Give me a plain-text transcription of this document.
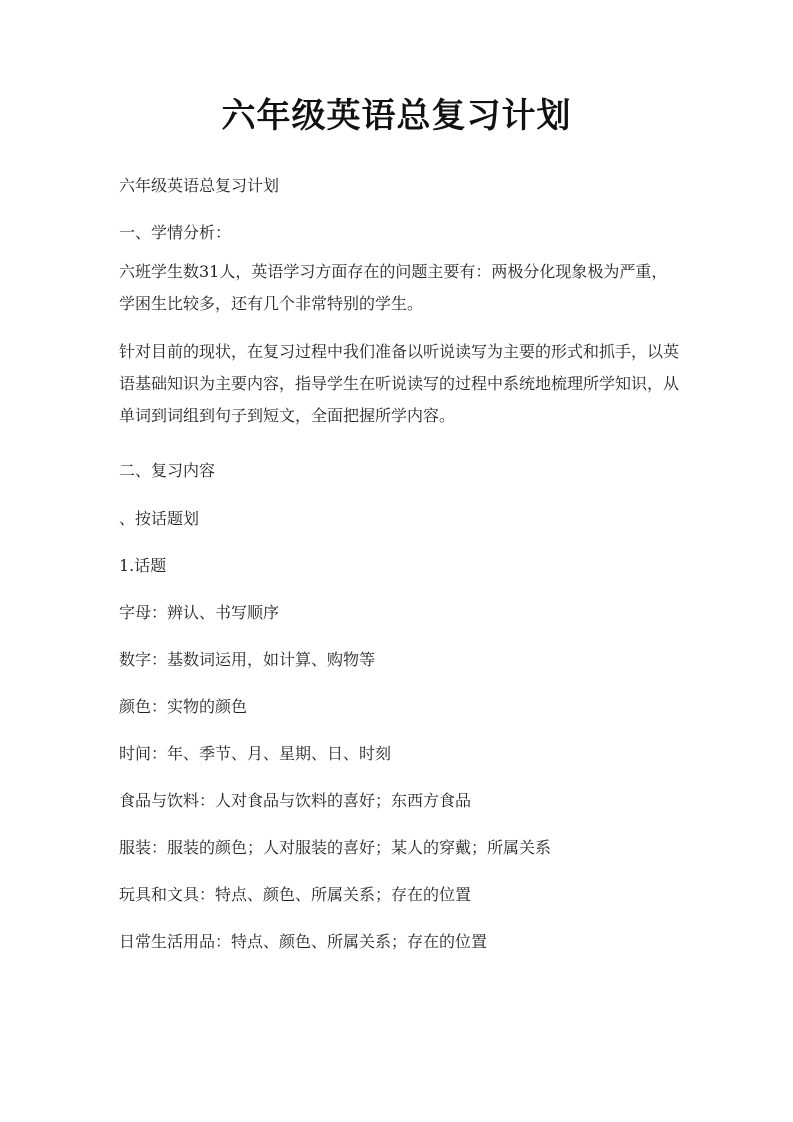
六年级英语总复习计划

六年级英语总复习计划

一、学情分析：

六班学生数31人，英语学习方面存在的问题主要有：两极分化现象极为严重，学困生比较多，还有几个非常特别的学生。

针对目前的现状，在复习过程中我们准备以听说读写为主要的形式和抓手，以英语基础知识为主要内容，指导学生在听说读写的过程中系统地梳理所学知识，从单词到词组到句子到短文，全面把握所学内容。

二、复习内容

、按话题划

1.话题

字母：辨认、书写顺序

数字：基数词运用，如计算、购物等

颜色：实物的颜色

时间：年、季节、月、星期、日、时刻

食品与饮料：人对食品与饮料的喜好；东西方食品

服装：服装的颜色；人对服装的喜好；某人的穿戴；所属关系

玩具和文具：特点、颜色、所属关系；存在的位置

日常生活用品：特点、颜色、所属关系；存在的位置
